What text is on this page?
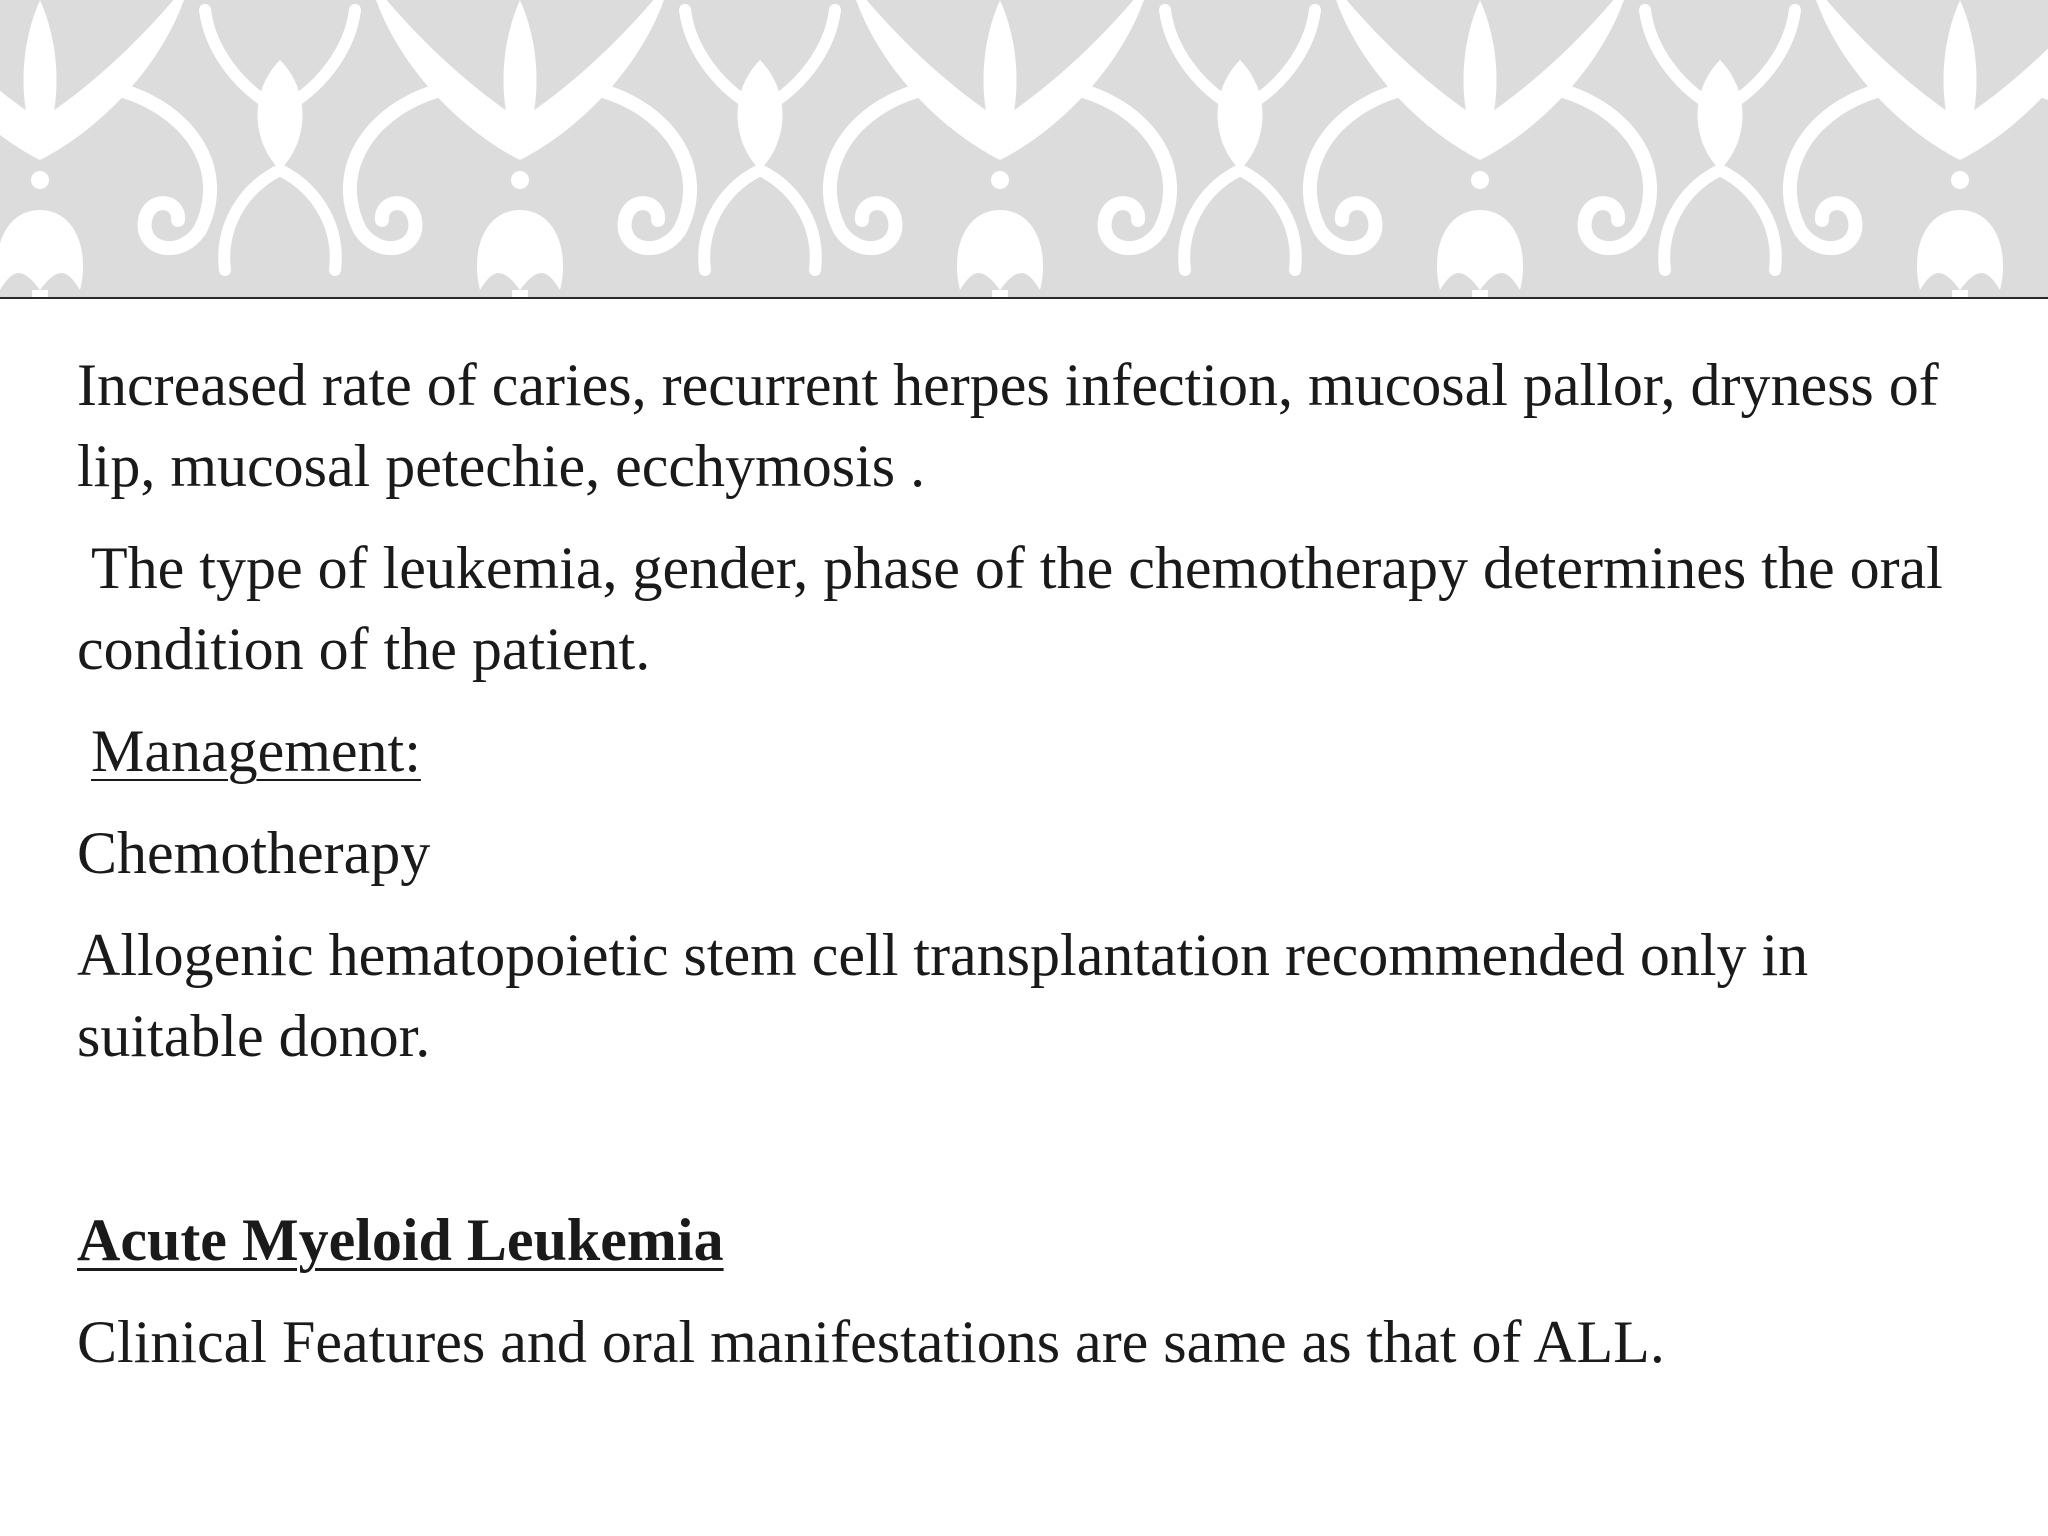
Increased rate of caries, recurrent herpes infection, mucosal pallor, dryness of lip, mucosal petechie, ecchymosis .

The type of leukemia, gender, phase of the chemotherapy determines the oral condition of the patient.

Management:

Chemotherapy

Allogenic hematopoietic stem cell transplantation recommended only in suitable donor.

Acute Myeloid Leukemia

Clinical Features and oral manifestations are same as that of ALL.
